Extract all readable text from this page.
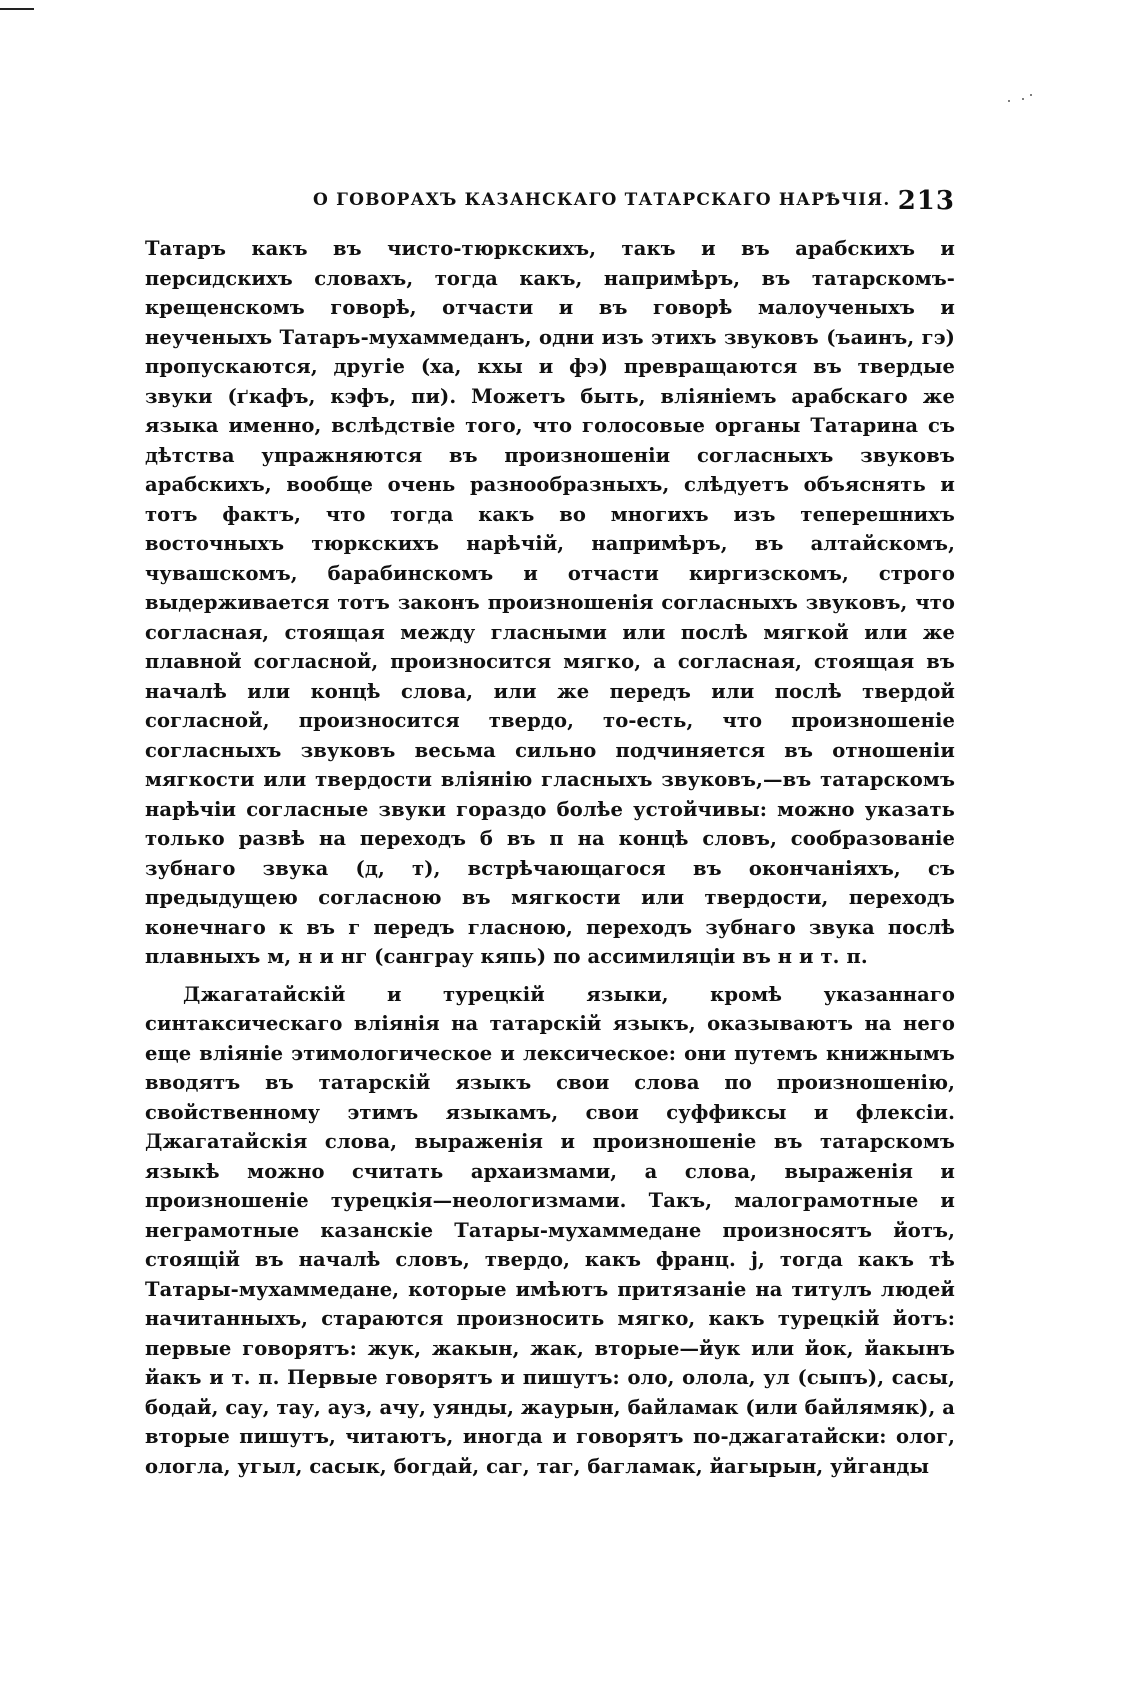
О ГОВОРАХЪ КАЗАНСКАГО ТАТАРСКАГО НАРѢЧІЯ. 213

Татаръ какъ въ чисто-тюркскихъ, такъ и въ арабскихъ и персидскихъ словахъ, тогда какъ, напримѣръ, въ татарскомъ-крещенскомъ говорѣ, отчасти и въ говорѣ малоученыхъ и неученыхъ Татаръ-мухаммеданъ, одни изъ этихъ звуковъ (ъаинъ, гэ) пропускаются, другіе (ха, кхы и фэ) превращаются въ твердые звуки (ґкафъ, кэфъ, пи). Можетъ быть, вліяніемъ арабскаго же языка именно, вслѣдствіе того, что голосовые органы Татарина съ дѣтства упражняются въ произношеніи согласныхъ звуковъ арабскихъ, вообще очень разнообразныхъ, слѣдуетъ объяснять и тотъ фактъ, что тогда какъ во многихъ изъ теперешнихъ восточныхъ тюркскихъ нарѣчій, напримѣръ, въ алтайскомъ, чувашскомъ, барабинскомъ и отчасти киргизскомъ, строго выдерживается тотъ законъ произношенія согласныхъ звуковъ, что согласная, стоящая между гласными или послѣ мягкой или же плавной согласной, произносится мягко, а согласная, стоящая въ началѣ или концѣ слова, или же передъ или послѣ твердой согласной, произносится твердо, то-есть, что произношеніе согласныхъ звуковъ весьма сильно подчиняется въ отношеніи мягкости или твердости вліянію гласныхъ звуковъ,—въ татарскомъ нарѣчіи согласные звуки гораздо болѣе устойчивы: можно указать только развѣ на переходъ б въ п на концѣ словъ, сообразованіе зубнаго звука (д, т), встрѣчающагося въ окончаніяхъ, съ предыдущею согласною въ мягкости или твердости, переходъ конечнаго к въ г передъ гласною, переходъ зубнаго звука послѣ плавныхъ м, н и нг (санграу кяпь) по ассимиляціи въ н и т. п.

Джагатайскій и турецкій языки, кромѣ указаннаго синтаксическаго вліянія на татарскій языкъ, оказываютъ на него еще вліяніе этимологическое и лексическое: они путемъ книжнымъ вводятъ въ татарскій языкъ свои слова по произношенію, свойственному этимъ языкамъ, свои суффиксы и флексіи. Джагатайскія слова, выраженія и произношеніе въ татарскомъ языкѣ можно считать архаизмами, а слова, выраженія и произношеніе турецкія—неологизмами. Такъ, малограмотные и неграмотные казанскіе Татары-мухаммедане произносятъ йотъ, стоящій въ началѣ словъ, твердо, какъ франц. j, тогда какъ тѣ Татары-мухаммедане, которые имѣютъ притязаніе на титулъ людей начитанныхъ, стараются произносить мягко, какъ турецкій йотъ: первые говорятъ: жук, жакын, жак, вторые—йук или йок, йакынъ йакъ и т. п. Первые говорятъ и пишутъ: оло, олола, ул (сыпъ), сасы, бодай, сау, тау, ауз, ачу, уянды, жаурын, байламак (или байлямяк), а вторые пишутъ, читаютъ, иногда и говорятъ по-джагатайски: олог, ологла, угыл, сасык, богдай, саг, таг, багламак, йагырын, уйганды
